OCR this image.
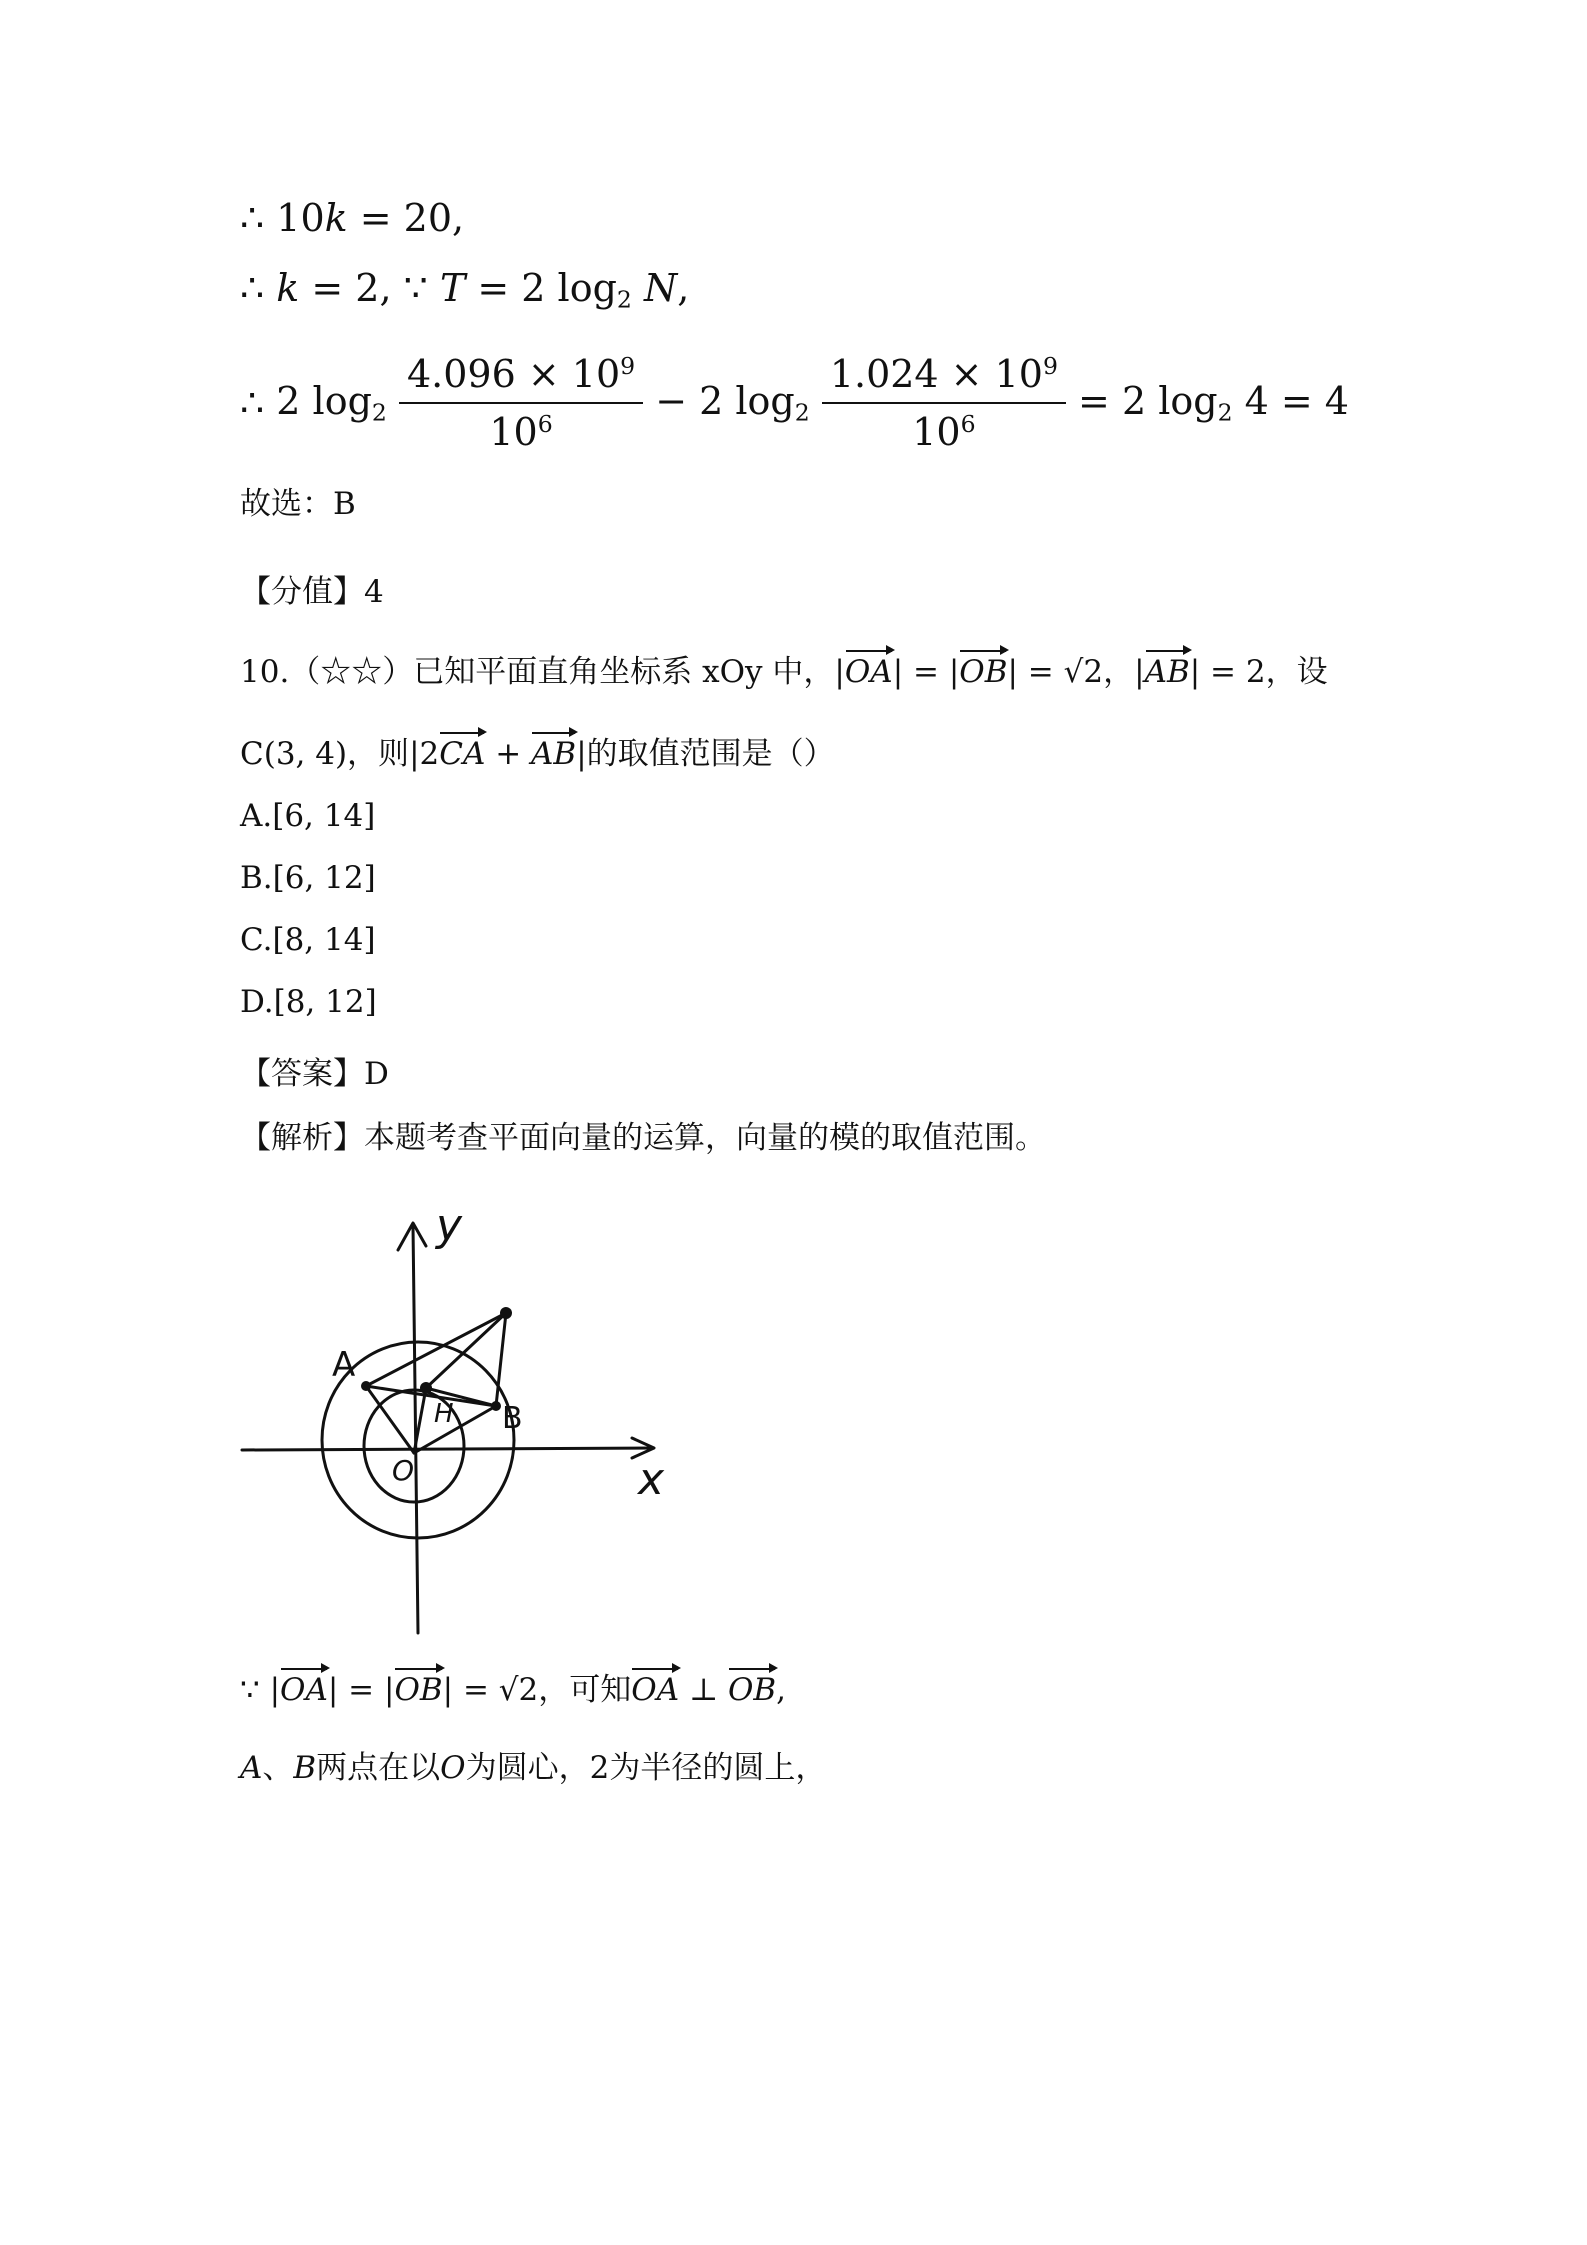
∴ 10k = 20,
∴ k = 2, ∵ T = 2 log2 N,
∴ 2 $\log 2 \frac{4.096 \times 10^9}{10^6} - 2$ $\log 2 \frac{1.024 \times 10^9}{10^6} = 2$ log2 4 = 4
故选：B
【分值】4
10.（☆☆）已知平面直角坐标系 xOy 中，|OA| = |OB| = √2，|AB| = 2，设
C(3, 4)，则|2CA + AB|的取值范围是（）
A.[6, 14]
B.[6, 12]
C.[8, 14]
D.[8, 12]
【答案】D
【解析】本题考查平面向量的运算，向量的模的取值范围。
y
x
O
A
B
H
∵ |OA| = |OB| = √2，可知OA ⊥ OB,
A、B两点在以O为圆心，2为半径的圆上，
